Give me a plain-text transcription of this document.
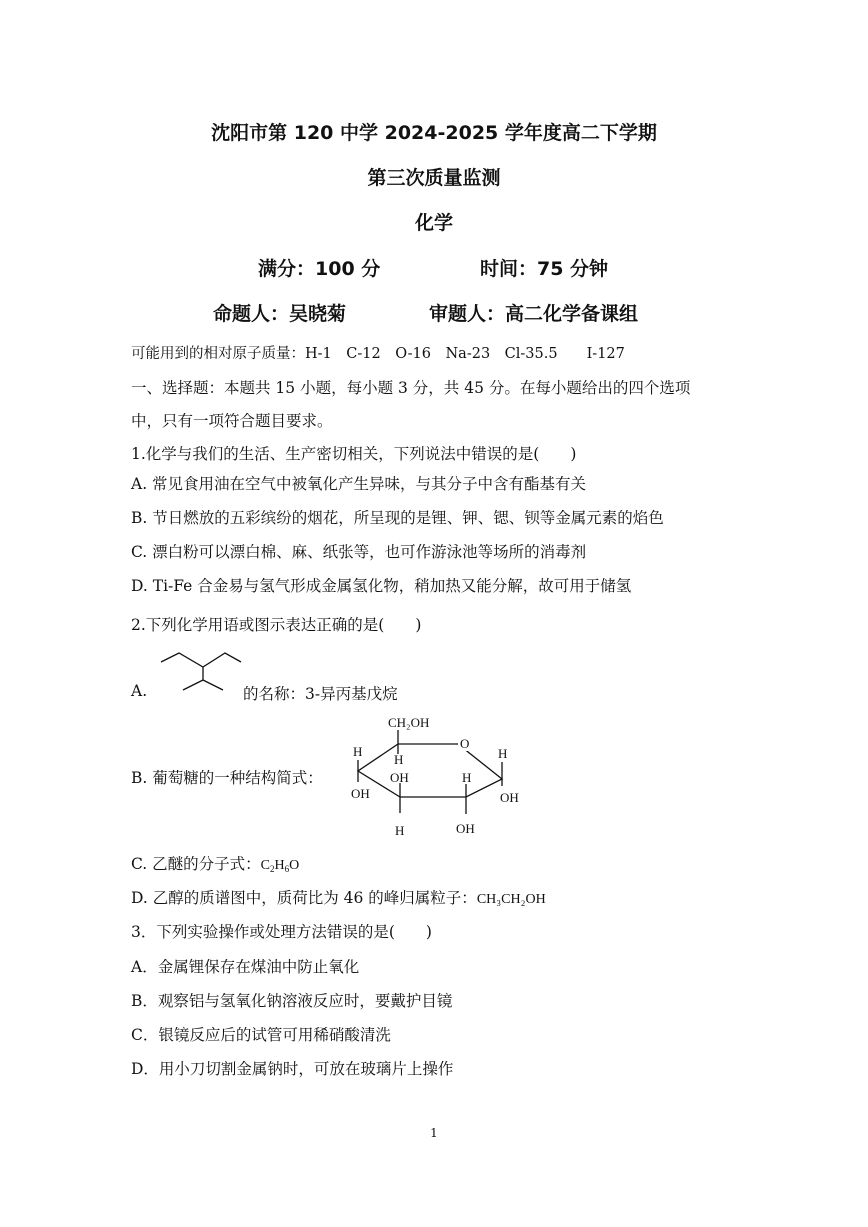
沈阳市第 120 中学 2024-2025 学年度高二下学期
第三次质量监测
化学
满分：100 分	时间：75 分钟
命题人：吴晓菊	审题人：高二化学备课组
可能用到的相对原子质量：H-1　C-12　O-16　Na-23　Cl-35.5　　I-127
一、选择题：本题共 15 小题，每小题 3 分，共 45 分。在每小题给出的四个选项
中，只有一项符合题目要求。
1.化学与我们的生活、生产密切相关，下列说法中错误的是(　　)
A. 常见食用油在空气中被氧化产生异味，与其分子中含有酯基有关
B. 节日燃放的五彩缤纷的烟花，所呈现的是锂、钾、锶、钡等金属元素的焰色
C. 漂白粉可以漂白棉、麻、纸张等，也可作游泳池等场所的消毒剂
D. Ti-Fe 合金易与氢气形成金属氢化物，稍加热又能分解，故可用于储氢
2.下列化学用语或图示表达正确的是(　　)
A.	的名称：3-异丙基戊烷
B. 葡萄糖的一种结构简式：
CH₂OH
O
H
H
OH
OH
H
H
OH
H
OH
C. 乙醚的分子式：$C_2H_6O$
D. 乙醇的质谱图中，质荷比为 46 的峰归属粒子：CH₃CH₂OH
3．下列实验操作或处理方法错误的是(　　)
A．金属锂保存在煤油中防止氧化
B．观察铝与氢氧化钠溶液反应时，要戴护目镜
C．银镜反应后的试管可用稀硝酸清洗
D．用小刀切割金属钠时，可放在玻璃片上操作
1
